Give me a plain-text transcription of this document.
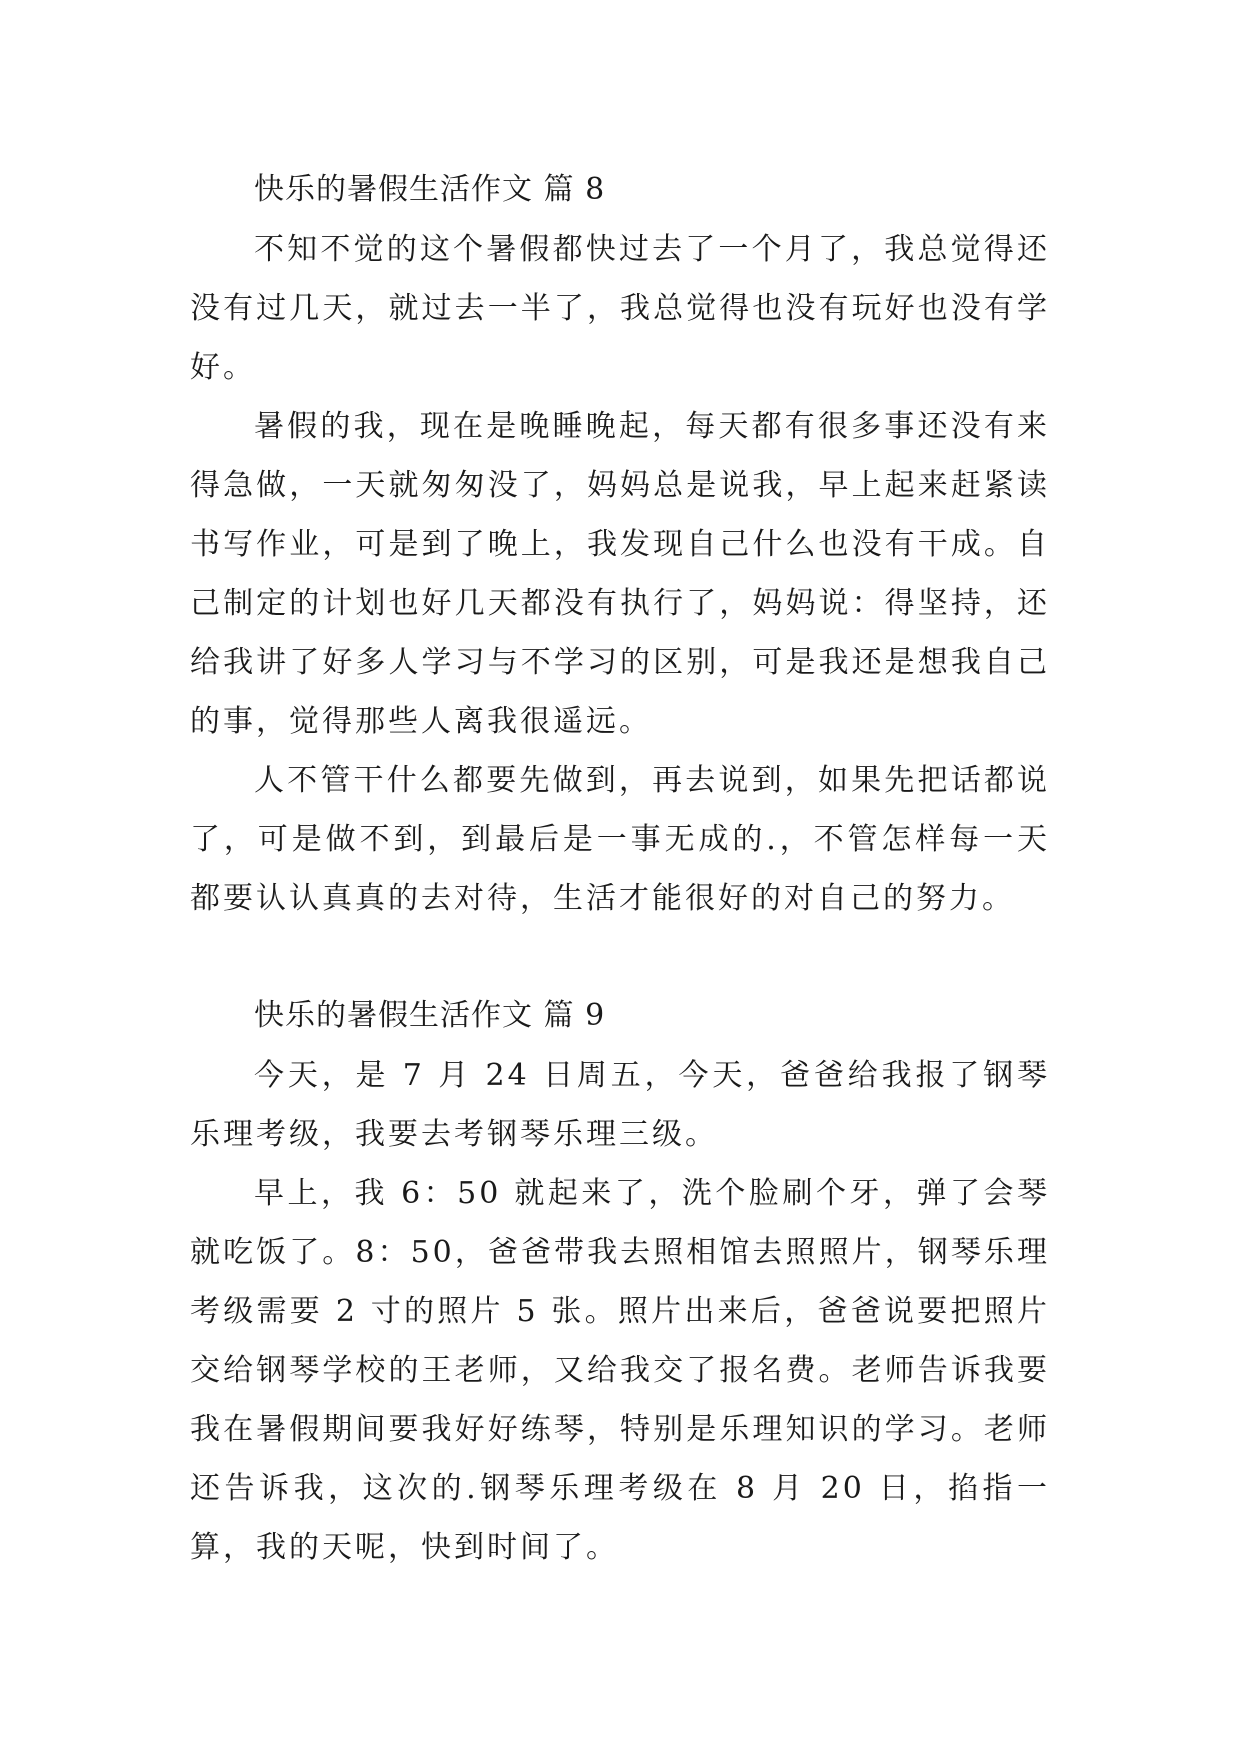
快乐的暑假生活作文 篇 8

不知不觉的这个暑假都快过去了一个月了，我总觉得还没有过几天，就过去一半了，我总觉得也没有玩好也没有学好。

暑假的我，现在是晚睡晚起，每天都有很多事还没有来得急做，一天就匆匆没了，妈妈总是说我，早上起来赶紧读书写作业，可是到了晚上，我发现自己什么也没有干成。自己制定的计划也好几天都没有执行了，妈妈说：得坚持，还给我讲了好多人学习与不学习的区别，可是我还是想我自己的事，觉得那些人离我很遥远。

人不管干什么都要先做到，再去说到，如果先把话都说了，可是做不到，到最后是一事无成的.，不管怎样每一天都要认认真真的去对待，生活才能很好的对自己的努力。

快乐的暑假生活作文 篇 9

今天，是 7 月 24 日周五，今天，爸爸给我报了钢琴乐理考级，我要去考钢琴乐理三级。

早上，我 6：50 就起来了，洗个脸刷个牙，弹了会琴就吃饭了。8：50，爸爸带我去照相馆去照照片，钢琴乐理考级需要 2 寸的照片 5 张。照片出来后，爸爸说要把照片交给钢琴学校的王老师，又给我交了报名费。老师告诉我要我在暑假期间要我好好练琴，特别是乐理知识的学习。老师还告诉我，这次的.钢琴乐理考级在 8 月 20 日，掐指一算，我的天呢，快到时间了。
